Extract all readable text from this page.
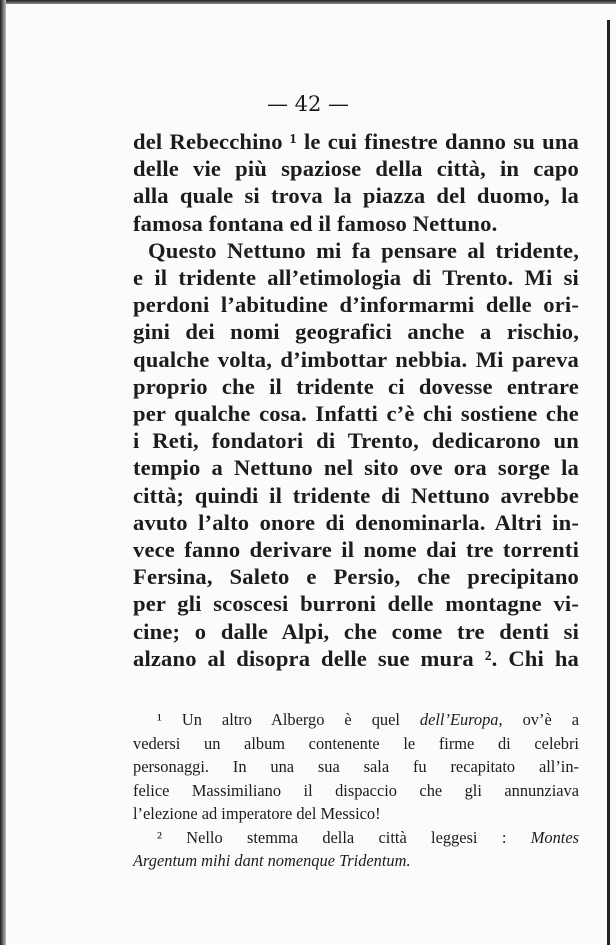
— 42 —
del Rebecchino ¹ le cui finestre danno su una
delle vie più spaziose della città, in capo
alla quale si trova la piazza del duomo, la
famosa fontana ed il famoso Nettuno.
Questo Nettuno mi fa pensare al tridente,
e il tridente all’etimologia di Trento. Mi si
perdoni l’abitudine d’informarmi delle ori-
gini dei nomi geografici anche a rischio,
qualche volta, d’imbottar nebbia. Mi pareva
proprio che il tridente ci dovesse entrare
per qualche cosa. Infatti c’è chi sostiene che
i Reti, fondatori di Trento, dedicarono un
tempio a Nettuno nel sito ove ora sorge la
città; quindi il tridente di Nettuno avrebbe
avuto l’alto onore di denominarla. Altri in-
vece fanno derivare il nome dai tre torrenti
Fersina, Saleto e Persio, che precipitano
per gli scoscesi burroni delle montagne vi-
cine; o dalle Alpi, che come tre denti si
alzano al disopra delle sue mura ². Chi ha
¹ Un altro Albergo è quel dell’Europa, ov’è a
vedersi un album contenente le firme di celebri
personaggi. In una sua sala fu recapitato all’in-
felice Massimiliano il dispaccio che gli annunziava
l’elezione ad imperatore del Messico!
² Nello stemma della città leggesi : Montes
Argentum mihi dant nomenque Tridentum.
